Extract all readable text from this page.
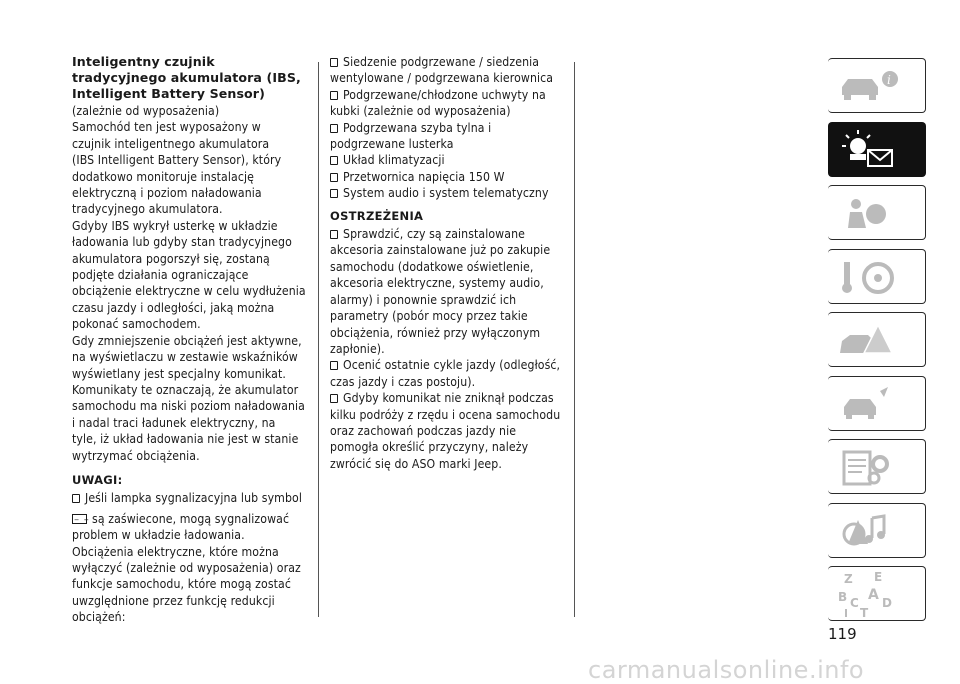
Inteligentny czujnik
tradycyjnego akumulatora (IBS,
Intelligent Battery Sensor)

(zależnie od wyposażenia)

Samochód ten jest wyposażony w
czujnik inteligentnego akumulatora
(IBS Intelligent Battery Sensor), który
dodatkowo monitoruje instalację
elektryczną i poziom naładowania
tradycyjnego akumulatora.

Gdyby IBS wykrył usterkę w układzie
ładowania lub gdyby stan tradycyjnego
akumulatora pogorszył się, zostaną
podjęte działania ograniczające
obciążenie elektryczne w celu wydłużenia
czasu jazdy i odległości, jaką można
pokonać samochodem.

Gdy zmniejszenie obciążeń jest aktywne,
na wyświetlaczu w zestawie wskaźników
wyświetlany jest specjalny komunikat.
Komunikaty te oznaczają, że akumulator
samochodu ma niski poziom naładowania
i nadal traci ładunek elektryczny, na
tyle, iż układ ładowania nie jest w stanie
wytrzymać obciążenia.

UWAGI:

Jeśli lampka sygnalizacyjna lub symbol
− +są zaświecone, mogą sygnalizować
problem w układzie ładowania.
Obciążenia elektryczne, które można
wyłączyć (zależnie od wyposażenia) oraz
funkcje samochodu, które mogą zostać
uwzględnione przez funkcję redukcji
obciążeń:

Siedzenie podgrzewane / siedzenia
wentylowane / podgrzewana kierownica

Podgrzewane/chłodzone uchwyty na
kubki (zależnie od wyposażenia)

Podgrzewana szyba tylna i
podgrzewane lusterka

Układ klimatyzacji

Przetwornica napięcia 150 W

System audio i system telematyczny

OSTRZEŻENIA

Sprawdzić, czy są zainstalowane
akcesoria zainstalowane już po zakupie
samochodu (dodatkowe oświetlenie,
akcesoria elektryczne, systemy audio,
alarmy) i ponownie sprawdzić ich
parametry (pobór mocy przez takie
obciążenia, również przy wyłączonym
zapłonie).

Ocenić ostatnie cykle jazdy (odległość,
czas jazdy i czas postoju).

Gdyby komunikat nie zniknął podczas
kilku podróży z rzędu i ocena samochodu
oraz zachowań podczas jazdy nie
pomogła określić przyczyny, należy
zwrócić się do ASO marki Jeep.

i
Z E
B A
C
T
D
119
carmanualsonline.info
